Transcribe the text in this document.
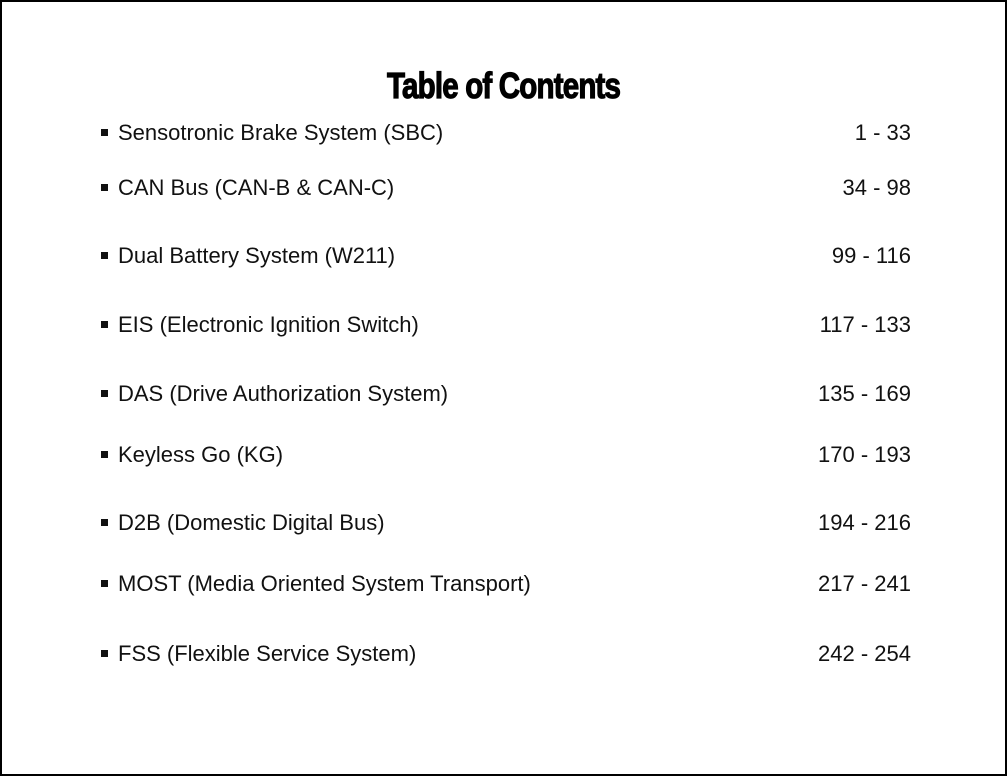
Table of Contents
Sensotronic Brake System (SBC)	1 - 33
CAN Bus (CAN-B & CAN-C)	34 - 98
Dual Battery System (W211)	99 - 116
EIS (Electronic Ignition Switch)	117 - 133
DAS (Drive Authorization System)	135 - 169
Keyless Go (KG)	170 - 193
D2B (Domestic Digital Bus)	194 - 216
MOST (Media Oriented System Transport)	217 - 241
FSS (Flexible Service System)	242 - 254
